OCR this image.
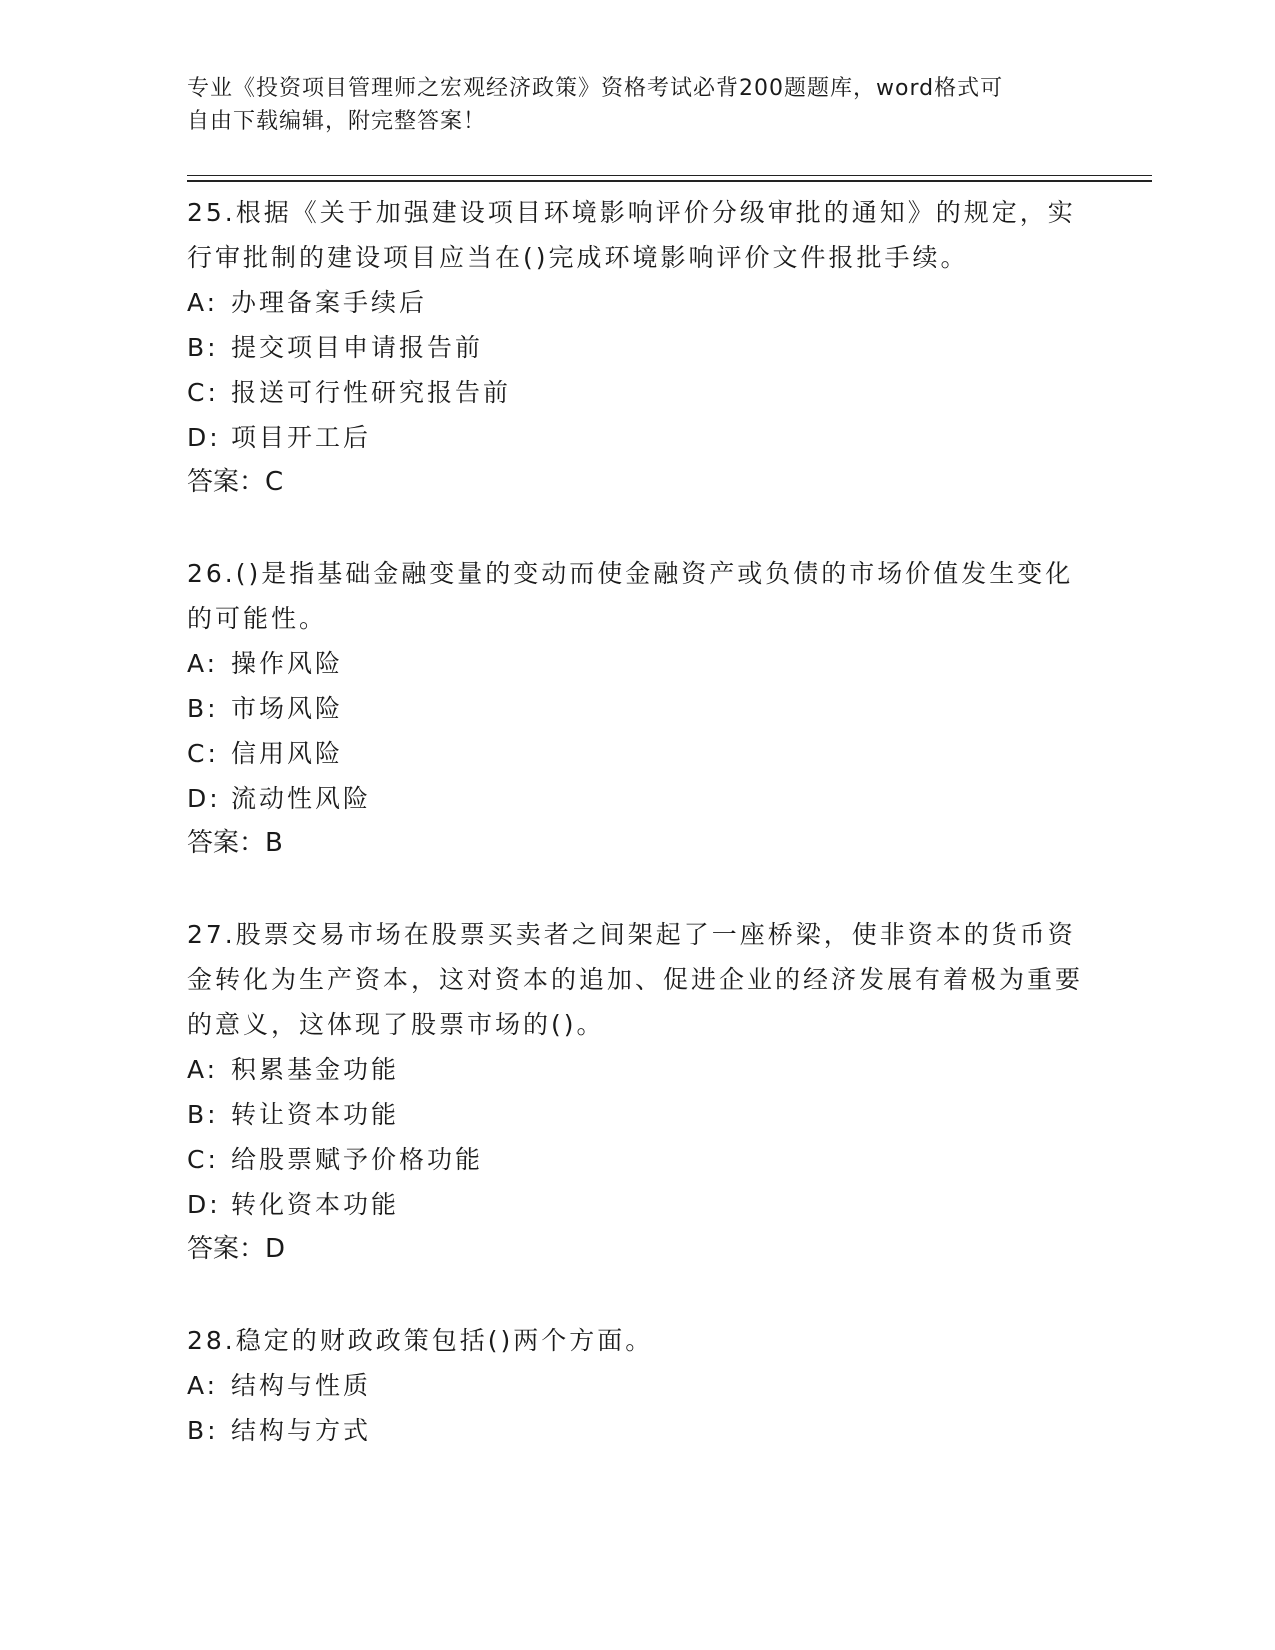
专业《投资项目管理师之宏观经济政策》资格考试必背200题题库，word格式可
自由下载编辑，附完整答案！

25.根据《关于加强建设项目环境影响评价分级审批的通知》的规定，实行审批制的建设项目应当在()完成环境影响评价文件报批手续。

A: 办理备案手续后
B: 提交项目申请报告前
C: 报送可行性研究报告前
D: 项目开工后

答案：C

26.()是指基础金融变量的变动而使金融资产或负债的市场价值发生变化的可能性。

A: 操作风险
B: 市场风险
C: 信用风险
D: 流动性风险

答案：B

27.股票交易市场在股票买卖者之间架起了一座桥梁，使非资本的货币资金转化为生产资本，这对资本的追加、促进企业的经济发展有着极为重要的意义，这体现了股票市场的()。

A: 积累基金功能
B: 转让资本功能
C: 给股票赋予价格功能
D: 转化资本功能

答案：D

28.稳定的财政政策包括()两个方面。

A: 结构与性质
B: 结构与方式
